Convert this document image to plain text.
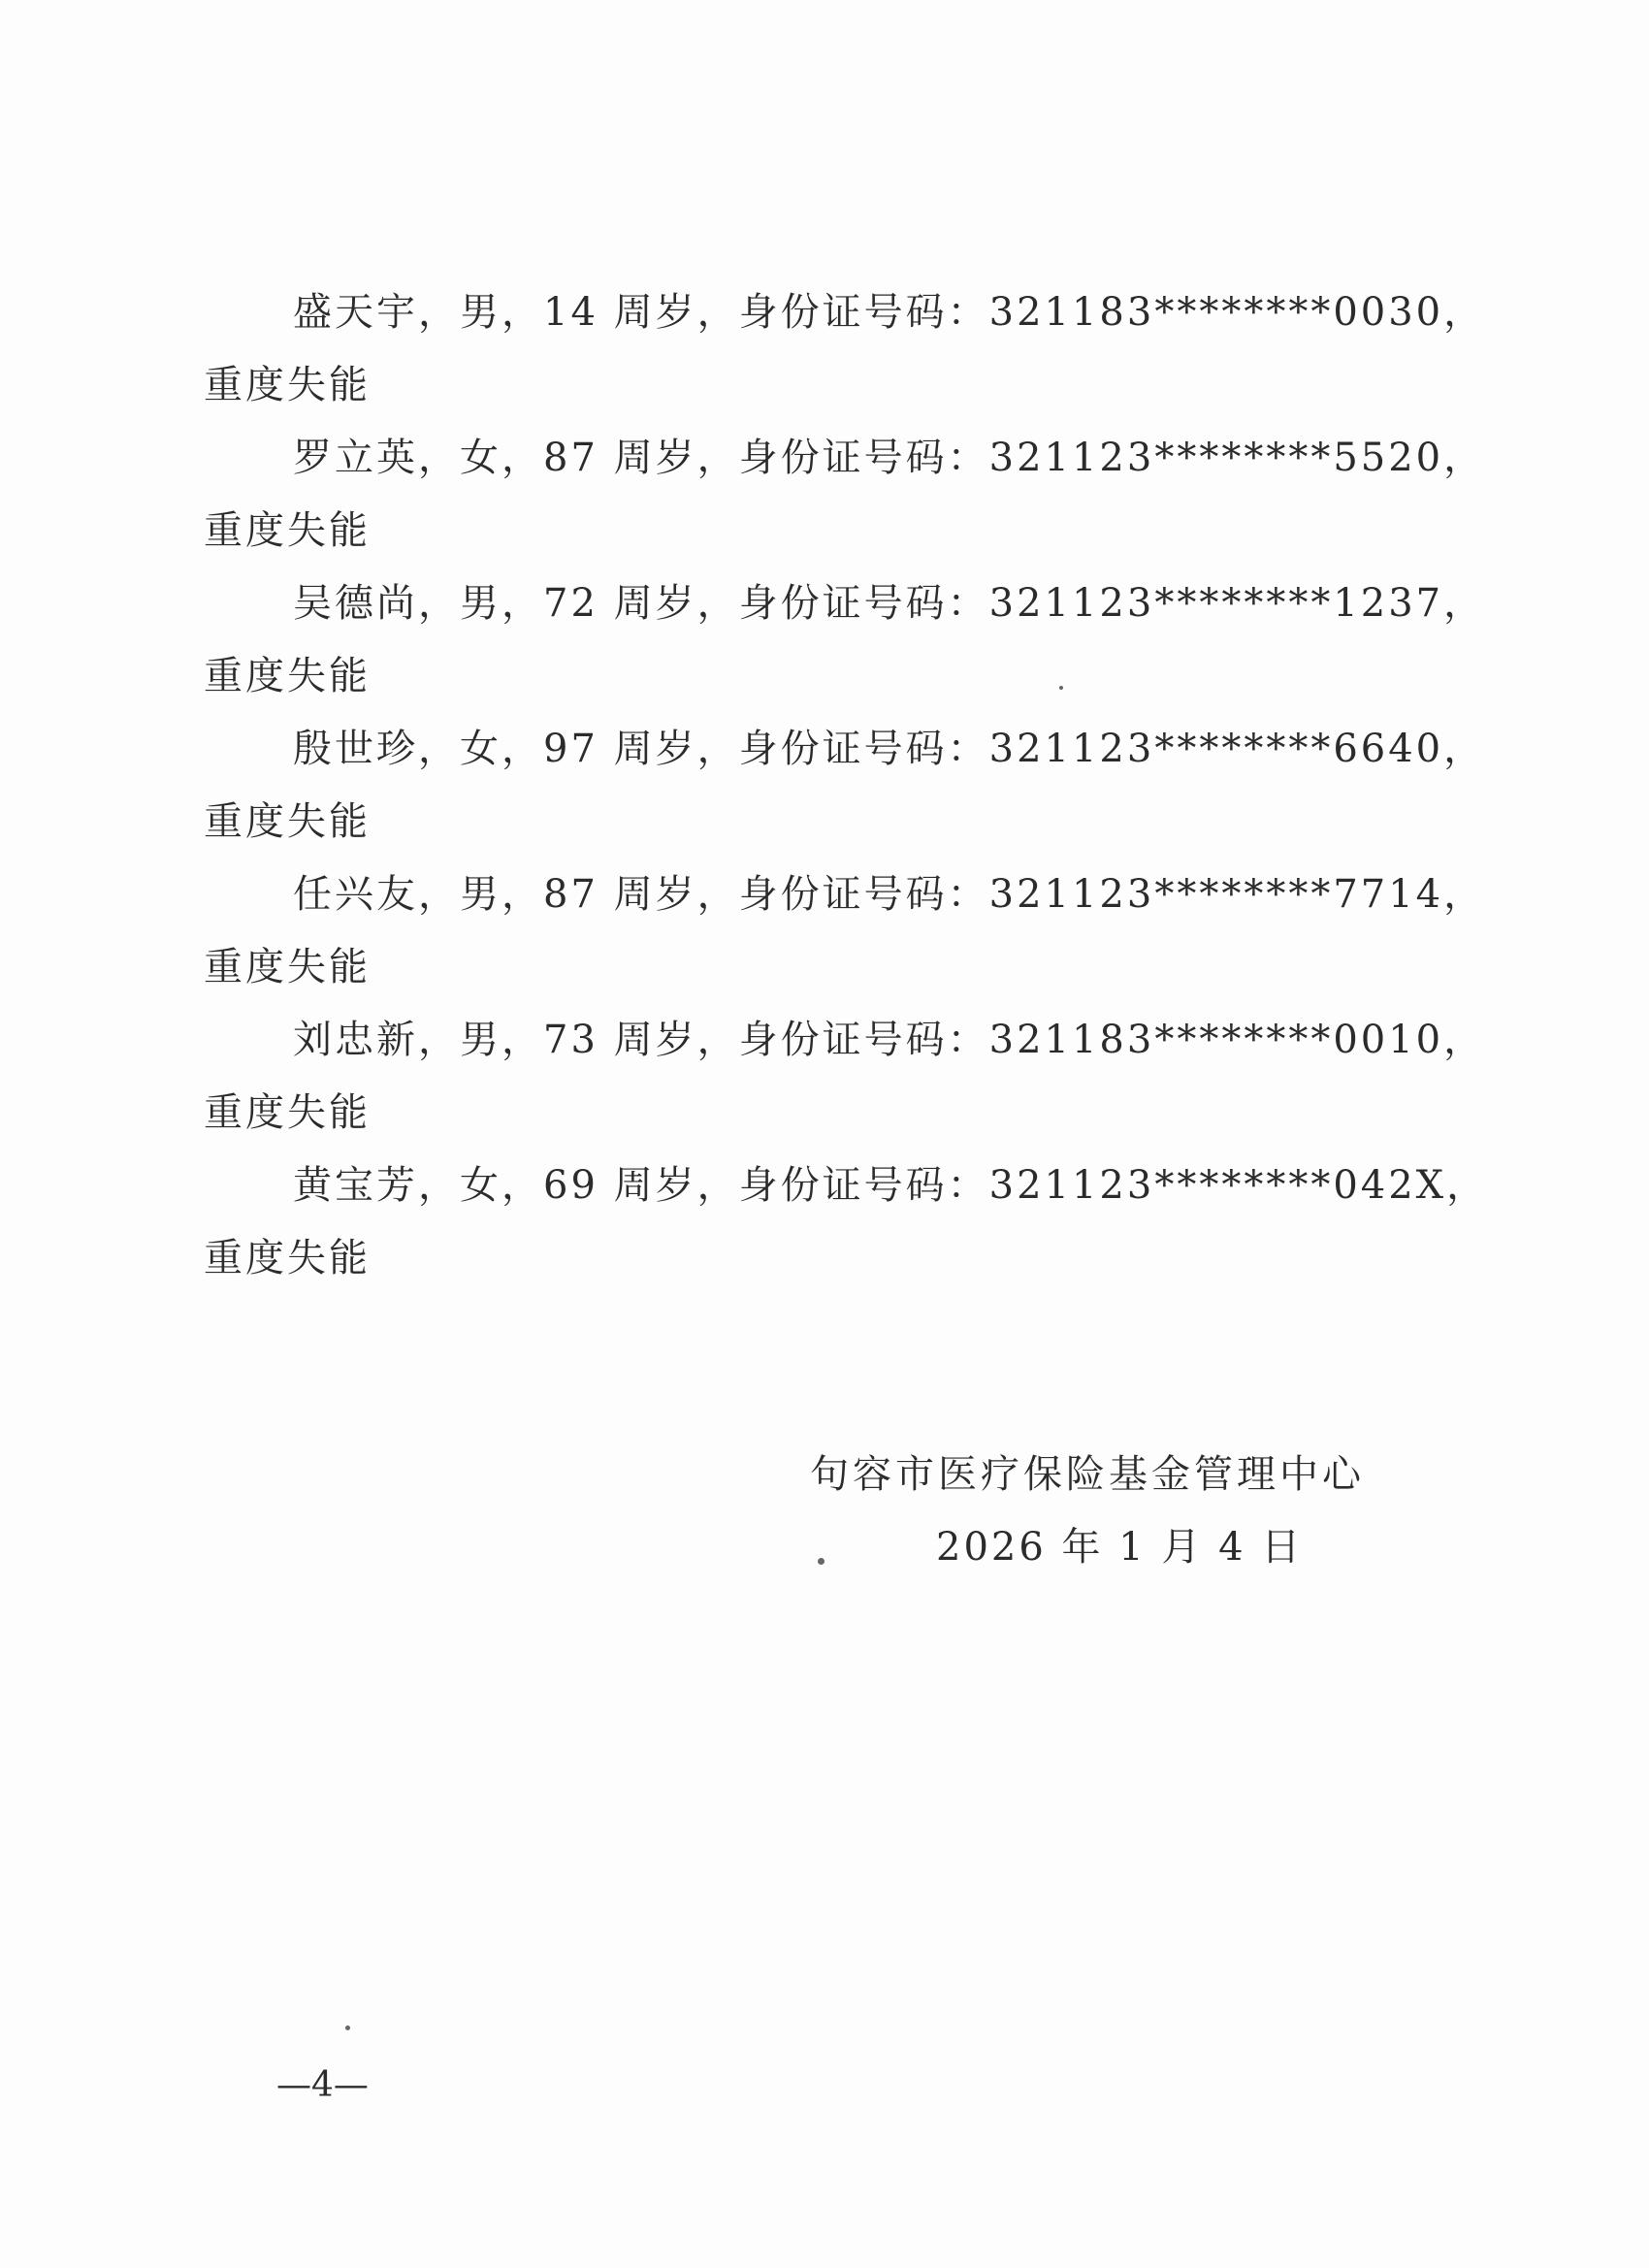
盛天宇，男，14 周岁，身份证号码：321183********0030，
重度失能
罗立英，女，87 周岁，身份证号码：321123********5520，
重度失能
吴德尚，男，72 周岁，身份证号码：321123********1237，
重度失能
殷世珍，女，97 周岁，身份证号码：321123********6640，
重度失能
任兴友，男，87 周岁，身份证号码：321123********7714，
重度失能
刘忠新，男，73 周岁，身份证号码：321183********0010，
重度失能
黄宝芳，女，69 周岁，身份证号码：321123********042X，
重度失能
句容市医疗保险基金管理中心
2026 年 1 月 4 日
—4—
